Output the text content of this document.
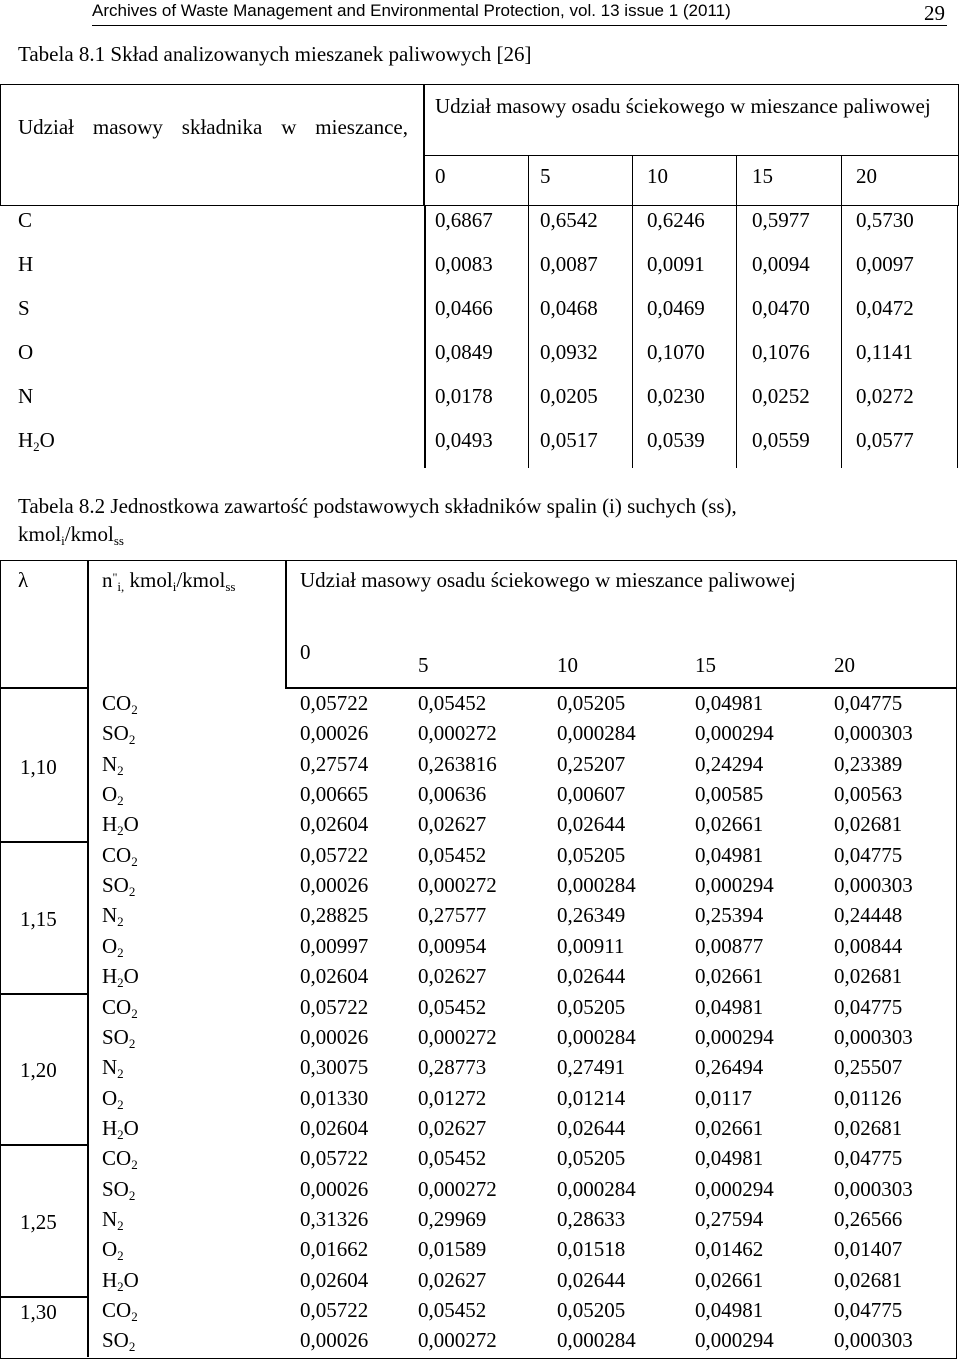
Archives of Waste Management and Environmental Protection, vol. 13 issue 1 (2011)	29
Tabela 8.1 Skład analizowanych mieszanek paliwowych [26]
Udział masowy składnika w mieszance,
Udział masowy osadu ściekowego w mieszance paliwowej
0	5	10	15	20
C	0,6867 0,6542 0,6246 0,5977 0,5730
H	0,0083 0,0087 0,0091 0,0094 0,0097
S	0,0466 0,0468 0,0469 0,0470 0,0472
O	0,0849 0,0932 0,1070 0,1076 0,1141
N	0,0178 0,0205 0,0230 0,0252 0,0272
$H_2O$	0,0493 0,0517 0,0539 0,0559 0,0577
Tabela 8.2 Jednostkowa zawartość podstawowych składników spalin (i) suchych (ss),
kmol$_i$/kmol$_{ss}$
λ	$n^"_{i,}$ kmol$_i$/kmol$_{ss}$	Udział masowy osadu ściekowego w mieszance paliwowej
0
5	10	15	20
1,10
$CO_2$	0,05722 0,05452	0,05205	0,04981	0,04775
$SO_2$	0,00026 0,000272	0,000284	0,000294	0,000303
$N_2$	0,27574 0,263816	0,25207	0,24294	0,23389
$O_2$	0,00665 0,00636	0,00607	0,00585	0,00563
$H_2O$	0,02604 0,02627	0,02644	0,02661	0,02681
1,15
$CO_2$	0,05722 0,05452	0,05205	0,04981	0,04775
$SO_2$	0,00026 0,000272	0,000284	0,000294	0,000303
$N_2$	0,28825 0,27577	0,26349	0,25394	0,24448
$O_2$	0,00997 0,00954	0,00911	0,00877	0,00844
$H_2O$	0,02604 0,02627	0,02644	0,02661	0,02681
1,20
$CO_2$	0,05722 0,05452	0,05205	0,04981	0,04775
$SO_2$	0,00026 0,000272	0,000284	0,000294	0,000303
$N_2$	0,30075 0,28773	0,27491	0,26494	0,25507
$O_2$	0,01330 0,01272	0,01214	0,0117	0,01126
$H_2O$	0,02604 0,02627	0,02644	0,02661	0,02681
1,25
$CO_2$	0,05722 0,05452	0,05205	0,04981	0,04775
$SO_2$	0,00026 0,000272	0,000284	0,000294	0,000303
$N_2$	0,31326 0,29969	0,28633	0,27594	0,26566
$O_2$	0,01662 0,01589	0,01518	0,01462	0,01407
$H_2O$	0,02604 0,02627	0,02644	0,02661	0,02681
1,30 $CO_2$	0,05722 0,05452	0,05205	0,04981	0,04775
$SO_2$	0,00026 0,000272	0,000284	0,000294	0,000303
